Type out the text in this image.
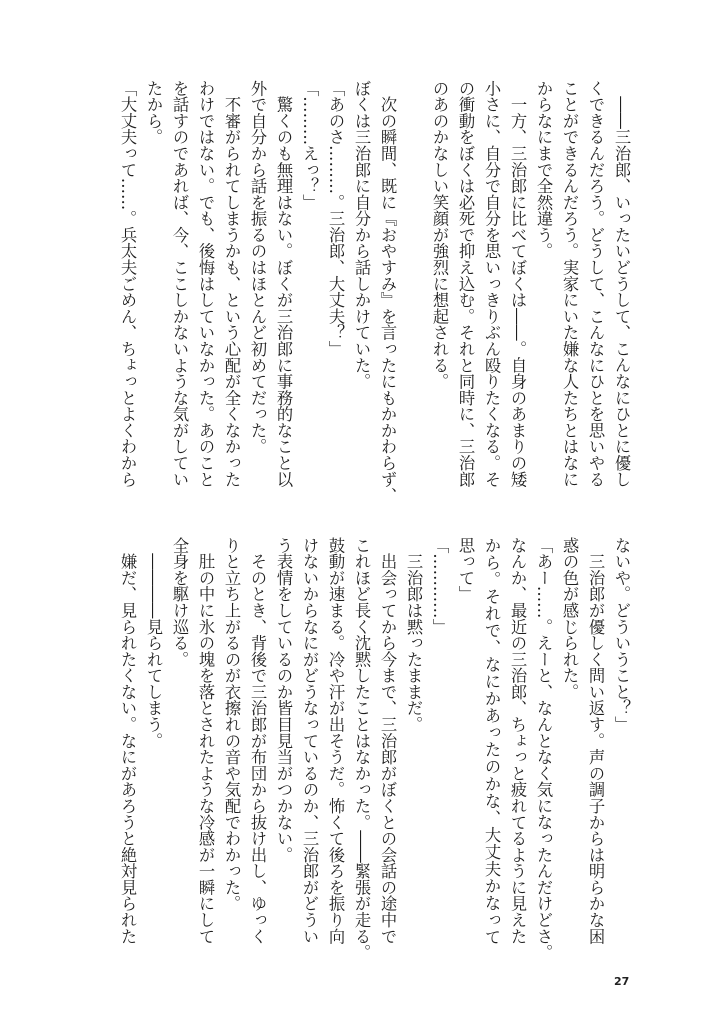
　――三治郎、いったいどうして、こんなにひとに優し
くできるんだろう。どうして、こんなにひとを思いやる
ことができるんだろう。実家にいた嫌な人たちとはなに
からなにまで全然違う。
　一方、三治郎に比べてぼくは――。自身のあまりの矮
小さに、自分で自分を思いっきりぶん殴りたくなる。そ
の衝動をぼくは必死で抑え込む。それと同時に、三治郎
のあのかなしい笑顔が強烈に想起される。
　次の瞬間、既に『おやすみ』を言ったにもかかわらず、
ぼくは三治郎に自分から話しかけていた。
「あのさ………。三治郎、大丈夫？」
「………えっ？」
　驚くのも無理はない。ぼくが三治郎に事務的なこと以
外で自分から話を振るのはほとんど初めてだった。
　不審がられてしまうかも、という心配が全くなかった
わけではない。でも、後悔はしていなかった。あのこと
を話すのであれば、今、ここしかないような気がしてい
たから。
「大丈夫って……。兵太夫ごめん、ちょっとよくわから
ないや。どういうこと？」
　三治郎が優しく問い返す。声の調子からは明らかな困
惑の色が感じられた。
「あー……。えーと、なんとなく気になったんだけどさ。
なんか、最近の三治郎、ちょっと疲れてるように見えた
から。それで、なにかあったのかな、大丈夫かなって
思って」
「…………」
　三治郎は黙ったままだ。
　出会ってから今まで、三治郎がぼくとの会話の途中で
これほど長く沈黙したことはなかった。――緊張が走る。
鼓動が速まる。冷や汗が出そうだ。怖くて後ろを振り向
けないからなにがどうなっているのか、三治郎がどうい
う表情をしているのか皆目見当がつかない。
　そのとき、背後で三治郎が布団から抜け出し、ゆっく
りと立ち上がるのが衣擦れの音や気配でわかった。
　肚の中に氷の塊を落とされたような冷感が一瞬にして
全身を駆け巡る。
　――――見られてしまう。
　嫌だ、見られたくない。なにがあろうと絶対見られた
27
